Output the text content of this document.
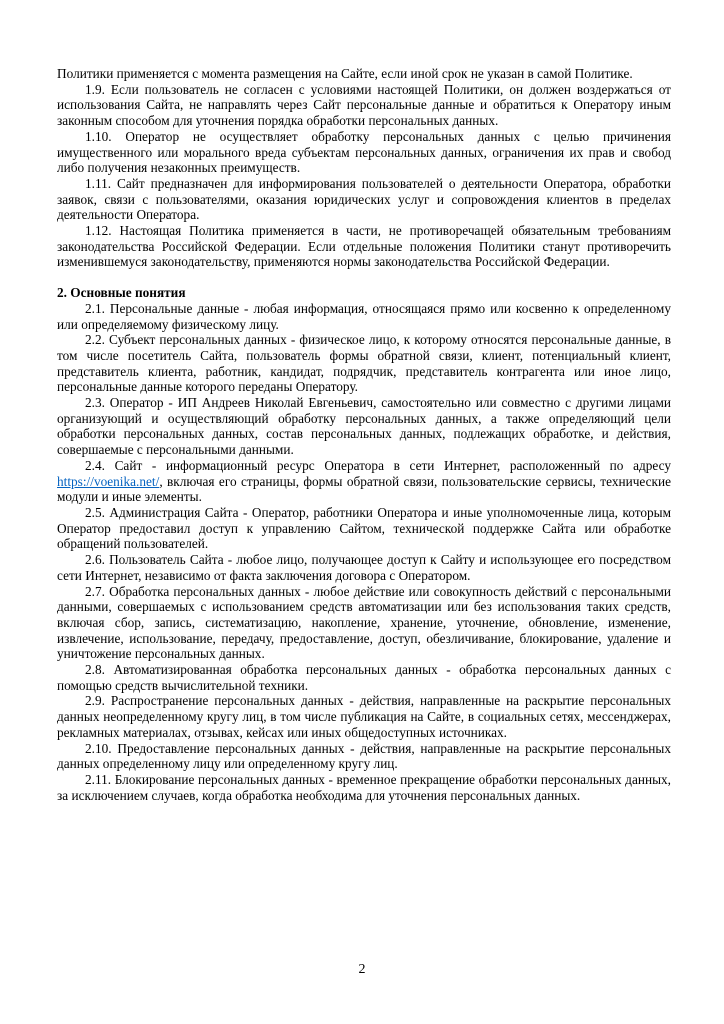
Политики применяется с момента размещения на Сайте, если иной срок не указан в самой Политике.

1.9. Если пользователь не согласен с условиями настоящей Политики, он должен воздержаться от использования Сайта, не направлять через Сайт персональные данные и обратиться к Оператору иным законным способом для уточнения порядка обработки персональных данных.

1.10. Оператор не осуществляет обработку персональных данных с целью причинения имущественного или морального вреда субъектам персональных данных, ограничения их прав и свобод либо получения незаконных преимуществ.

1.11. Сайт предназначен для информирования пользователей о деятельности Оператора, обработки заявок, связи с пользователями, оказания юридических услуг и сопровождения клиентов в пределах деятельности Оператора.

1.12. Настоящая Политика применяется в части, не противоречащей обязательным требованиям законодательства Российской Федерации. Если отдельные положения Политики станут противоречить изменившемуся законодательству, применяются нормы законодательства Российской Федерации.

2. Основные понятия

2.1. Персональные данные - любая информация, относящаяся прямо или косвенно к определенному или определяемому физическому лицу.

2.2. Субъект персональных данных - физическое лицо, к которому относятся персональные данные, в том числе посетитель Сайта, пользователь формы обратной связи, клиент, потенциальный клиент, представитель клиента, работник, кандидат, подрядчик, представитель контрагента или иное лицо, персональные данные которого переданы Оператору.

2.3. Оператор - ИП Андреев Николай Евгеньевич, самостоятельно или совместно с другими лицами организующий и осуществляющий обработку персональных данных, а также определяющий цели обработки персональных данных, состав персональных данных, подлежащих обработке, и действия, совершаемые с персональными данными.

2.4. Сайт - информационный ресурс Оператора в сети Интернет, расположенный по адресу https://voenika.net/, включая его страницы, формы обратной связи, пользовательские сервисы, технические модули и иные элементы.

2.5. Администрация Сайта - Оператор, работники Оператора и иные уполномоченные лица, которым Оператор предоставил доступ к управлению Сайтом, технической поддержке Сайта или обработке обращений пользователей.

2.6. Пользователь Сайта - любое лицо, получающее доступ к Сайту и использующее его посредством сети Интернет, независимо от факта заключения договора с Оператором.

2.7. Обработка персональных данных - любое действие или совокупность действий с персональными данными, совершаемых с использованием средств автоматизации или без использования таких средств, включая сбор, запись, систематизацию, накопление, хранение, уточнение, обновление, изменение, извлечение, использование, передачу, предоставление, доступ, обезличивание, блокирование, удаление и уничтожение персональных данных.

2.8. Автоматизированная обработка персональных данных - обработка персональных данных с помощью средств вычислительной техники.

2.9. Распространение персональных данных - действия, направленные на раскрытие персональных данных неопределенному кругу лиц, в том числе публикация на Сайте, в социальных сетях, мессенджерах, рекламных материалах, отзывах, кейсах или иных общедоступных источниках.

2.10. Предоставление персональных данных - действия, направленные на раскрытие персональных данных определенному лицу или определенному кругу лиц.

2.11. Блокирование персональных данных - временное прекращение обработки персональных данных, за исключением случаев, когда обработка необходима для уточнения персональных данных.

2
